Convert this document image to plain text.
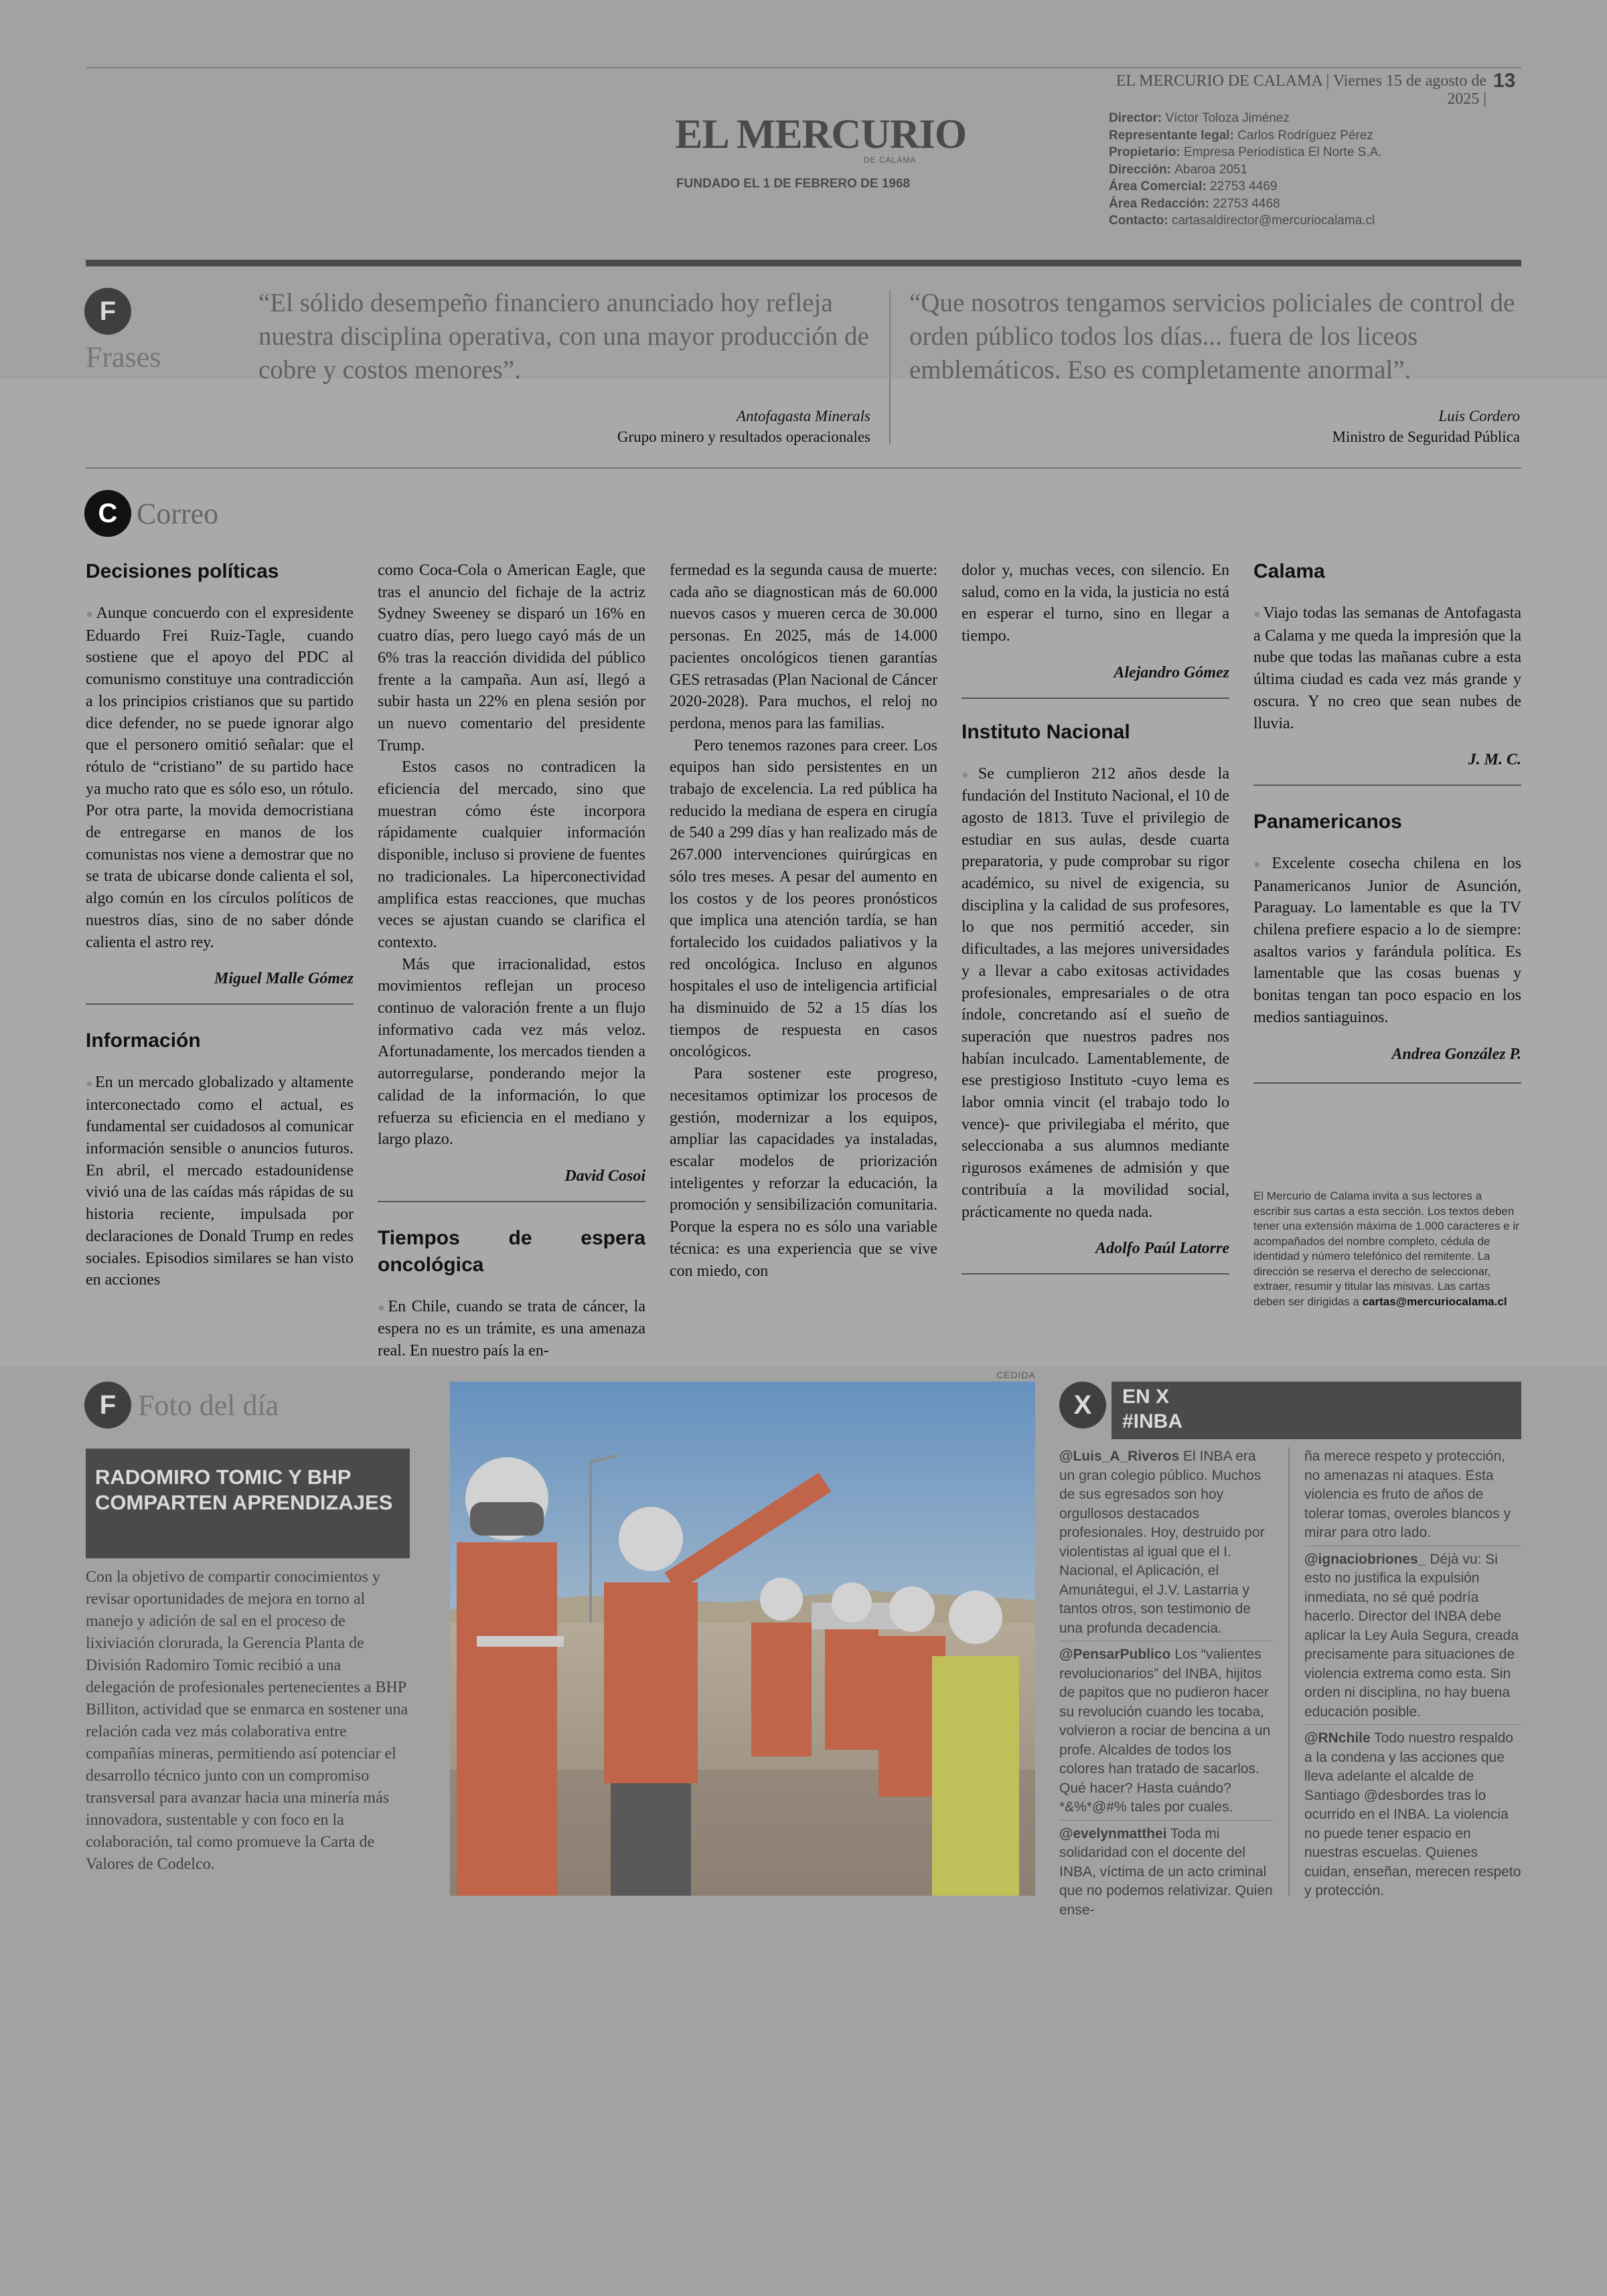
EL MERCURIO DE CALAMA | Viernes 15 de agosto de 2025 |
13
EL MERCURIO
DE CALAMA
FUNDADO EL 1 DE FEBRERO DE 1968
Director: Víctor Toloza Jiménez
Representante legal: Carlos Rodríguez Pérez
Propietario: Empresa Periodística El Norte S.A.
Dirección: Abaroa 2051
Área Comercial: 22753 4469
Área Redacción: 22753 4468
Contacto: cartasaldirector@mercuriocalama.cl
F
Frases
“El sólido desempeño financiero anunciado hoy refleja nuestra disciplina operativa, con una mayor producción de cobre y costos menores”.
Antofagasta Minerals
Grupo minero y resultados operacionales
“Que nosotros tengamos servicios policiales de control de orden público todos los días... fuera de los liceos emblemáticos. Eso es completamente anormal”.
Luis Cordero
Ministro de Seguridad Pública
C Correo

Decisiones políticas

● Aunque concuerdo con el expresidente Eduardo Frei Ruiz-Tagle, cuando sostiene que el apoyo del PDC al comunismo constituye una contradicción a los principios cristianos que su partido dice defender, no se puede ignorar algo que el personero omitió señalar: que el rótulo de “cristiano” de su partido hace ya mucho rato que es sólo eso, un rótulo. Por otra parte, la movida democristiana de entregarse en manos de los comunistas nos viene a demostrar que no se trata de ubicarse donde calienta el sol, algo común en los círculos políticos de nuestros días, sino de no saber dónde calienta el astro rey.

Miguel Malle Gómez

Información

● En un mercado globalizado y altamente interconectado como el actual, es fundamental ser cuidadosos al comunicar información sensible o anuncios futuros. En abril, el mercado estadounidense vivió una de las caídas más rápidas de su historia reciente, impulsada por declaraciones de Donald Trump en redes sociales. Episodios similares se han visto en acciones

como Coca-Cola o American Eagle, que tras el anuncio del fichaje de la actriz Sydney Sweeney se disparó un 16% en cuatro días, pero luego cayó más de un 6% tras la reacción dividida del público frente a la campaña. Aun así, llegó a subir hasta un 22% en plena sesión por un nuevo comentario del presidente Trump.

Estos casos no contradicen la eficiencia del mercado, sino que muestran cómo éste incorpora rápidamente cualquier información disponible, incluso si proviene de fuentes no tradicionales. La hiperconectividad amplifica estas reacciones, que muchas veces se ajustan cuando se clarifica el contexto.

Más que irracionalidad, estos movimientos reflejan un proceso continuo de valoración frente a un flujo informativo cada vez más veloz. Afortunadamente, los mercados tienden a autorregularse, ponderando mejor la calidad de la información, lo que refuerza su eficiencia en el mediano y largo plazo.

David Cosoi

Tiempos de espera oncológica

● En Chile, cuando se trata de cáncer, la espera no es un trámite, es una amenaza real. En nuestro país la en-

fermedad es la segunda causa de muerte: cada año se diagnostican más de 60.000 nuevos casos y mueren cerca de 30.000 personas. En 2025, más de 14.000 pacientes oncológicos tienen garantías GES retrasadas (Plan Nacional de Cáncer 2020-2028). Para muchos, el reloj no perdona, menos para las familias.

Pero tenemos razones para creer. Los equipos han sido persistentes en un trabajo de excelencia. La red pública ha reducido la mediana de espera en cirugía de 540 a 299 días y han realizado más de 267.000 intervenciones quirúrgicas en sólo tres meses. A pesar del aumento en los costos y de los peores pronósticos que implica una atención tardía, se han fortalecido los cuidados paliativos y la red oncológica. Incluso en algunos hospitales el uso de inteligencia artificial ha disminuido de 52 a 15 días los tiempos de respuesta en casos oncológicos.

Para sostener este progreso, necesitamos optimizar los procesos de gestión, modernizar a los equipos, ampliar las capacidades ya instaladas, escalar modelos de priorización inteligentes y reforzar la educación, la promoción y sensibilización comunitaria. Porque la espera no es sólo una variable técnica: es una experiencia que se vive con miedo, con

dolor y, muchas veces, con silencio. En salud, como en la vida, la justicia no está en esperar el turno, sino en llegar a tiempo.

Alejandro Gómez

Instituto Nacional

● Se cumplieron 212 años desde la fundación del Instituto Nacional, el 10 de agosto de 1813. Tuve el privilegio de estudiar en sus aulas, desde cuarta preparatoria, y pude comprobar su rigor académico, su nivel de exigencia, su disciplina y la calidad de sus profesores, lo que nos permitió acceder, sin dificultades, a las mejores universidades y a llevar a cabo exitosas actividades profesionales, empresariales o de otra índole, concretando así el sueño de superación que nuestros padres nos habían inculcado. Lamentablemente, de ese prestigioso Instituto -cuyo lema es labor omnia vincit (el trabajo todo lo vence)- que privilegiaba el mérito, que seleccionaba a sus alumnos mediante rigurosos exámenes de admisión y que contribuía a la movilidad social, prácticamente no queda nada.

Adolfo Paúl Latorre

Calama

● Viajo todas las semanas de Antofagasta a Calama y me queda la impresión que la nube que todas las mañanas cubre a esta última ciudad es cada vez más grande y oscura. Y no creo que sean nubes de lluvia.

J. M. C.

Panamericanos

● Excelente cosecha chilena en los Panamericanos Junior de Asunción, Paraguay. Lo lamentable es que la TV chilena prefiere espacio a lo de siempre: asaltos varios y farándula política. Es lamentable que las cosas buenas y bonitas tengan tan poco espacio en los medios santiaguinos.

Andrea González P.

El Mercurio de Calama invita a sus lectores a escribir sus cartas a esta sección. Los textos deben tener una extensión máxima de 1.000 caracteres e ir acompañados del nombre completo, cédula de identidad y número telefónico del remitente. La dirección se reserva el derecho de seleccionar, extraer, resumir y titular las misivas. Las cartas deben ser dirigidas a cartas@mercuriocalama.cl
F Foto del día
RADOMIRO TOMIC Y BHP COMPARTEN APRENDIZAJES
Con la objetivo de compartir conocimientos y revisar oportunidades de mejora en torno al manejo y adición de sal en el proceso de lixiviación clorurada, la Gerencia Planta de División Radomiro Tomic recibió a una delegación de profesionales pertenecientes a BHP Billiton, actividad que se enmarca en sostener una relación cada vez más colaborativa entre compañías mineras, permitiendo así potenciar el desarrollo técnico junto con un compromiso transversal para avanzar hacia una minería más innovadora, sustentable y con foco en la colaboración, tal como promueve la Carta de Valores de Codelco.
CEDIDA
X	EN X
#INBA

@Luis_A_Riveros El INBA era un gran colegio público. Muchos de sus egresados son hoy orgullosos destacados profesionales. Hoy, destruido por violentistas al igual que el I. Nacional, el Aplicación, el Amunátegui, el J.V. Lastarria y tantos otros, son testimonio de una profunda decadencia.

@PensarPublico Los “valientes revolucionarios” del INBA, hijitos de papitos que no pudieron hacer su revolución cuando les tocaba, volvieron a rociar de bencina a un profe. Alcaldes de todos los colores han tratado de sacarlos. Qué hacer? Hasta cuándo? *&%*@#% tales por cuales.

@evelynmatthei Toda mi solidaridad con el docente del INBA, víctima de un acto criminal que no podemos relativizar. Quien ense-

ña merece respeto y protección, no amenazas ni ataques. Esta violencia es fruto de años de tolerar tomas, overoles blancos y mirar para otro lado.

@ignaciobriones_ Déjà vu: Si esto no justifica la expulsión inmediata, no sé qué podría hacerlo. Director del INBA debe aplicar la Ley Aula Segura, creada precisamente para situaciones de violencia extrema como esta. Sin orden ni disciplina, no hay buena educación posible.

@RNchile Todo nuestro respaldo a la condena y las acciones que lleva adelante el alcalde de Santiago @desbordes tras lo ocurrido en el INBA. La violencia no puede tener espacio en nuestras escuelas. Quienes cuidan, enseñan, merecen respeto y protección.
